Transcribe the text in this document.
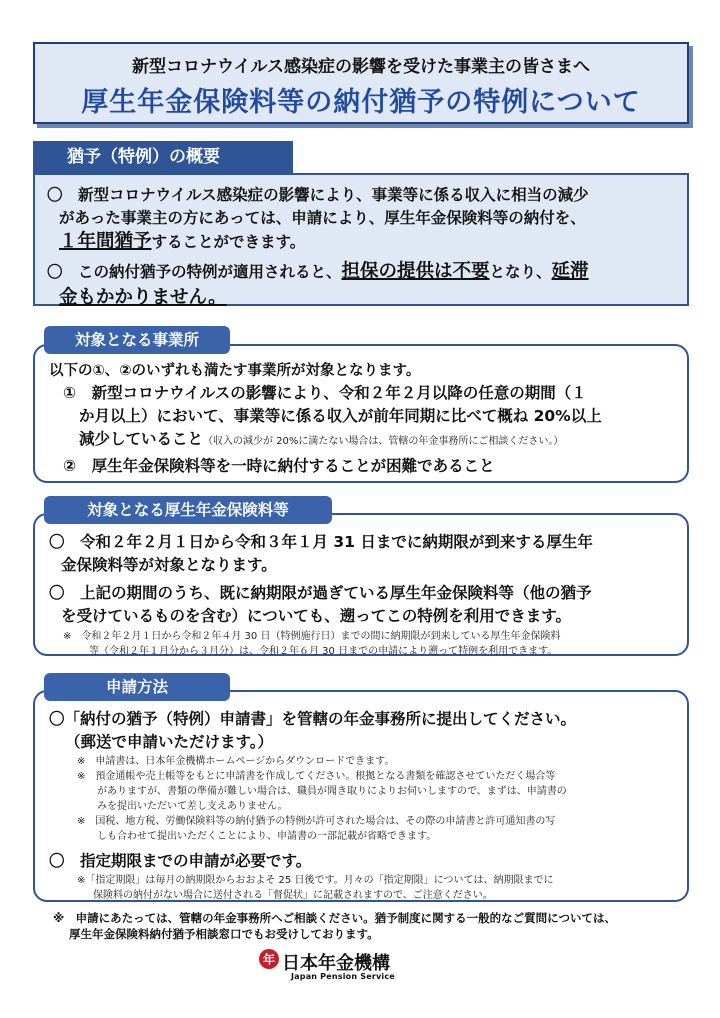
新型コロナウイルス感染症の影響を受けた事業主の皆さまへ
厚生年金保険料等の納付猶予の特例について
猶予（特例）の概要

〇　新型コロナウイルス感染症の影響により、事業等に係る収入に相当の減少

があった事業主の方にあっては、申請により、厚生年金保険料等の納付を、

１年間猶予することができます。

〇　この納付猶予の特例が適用されると、担保の提供は不要となり、延滞

金もかかりません。

以下の①、②のいずれも満たす事業所が対象となります。
①　新型コロナウイルスの影響により、令和２年２月以降の任意の期間（１
か月以上）において、事業等に係る収入が前年同期に比べて概ね 20%以上
減少していること（収入の減少が 20%に満たない場合は、管轄の年金事務所にご相談ください。）
②　厚生年金保険料等を一時に納付することが困難であること
対象となる事業所
〇　令和２年２月１日から令和３年１月 31 日までに納期限が到来する厚生年
金保険料等が対象となります。
〇　上記の期間のうち、既に納期限が過ぎている厚生年金保険料等（他の猶予
を受けているものを含む）についても、遡ってこの特例を利用できます。
※　令和２年２月１日から令和２年４月 30 日（特例施行日）までの間に納期限が到来している厚生年金保険料
等（令和２年１月分から３月分）は、令和２年６月 30 日までの申請により遡って特例を利用できます。
対象となる厚生年金保険料等
〇「納付の猶予（特例）申請書」を管轄の年金事務所に提出してください。
（郵送で申請いただけます。）
※　申請書は、日本年金機構ホームページからダウンロードできます。
※　預金通帳や売上帳等をもとに申請書を作成してください。根拠となる書類を確認させていただく場合等
がありますが、書類の準備が難しい場合は、職員が聞き取りによりお伺いしますので、まずは、申請書の
みを提出いただいて差し支えありません。
※　国税、地方税、労働保険料等の納付猶予の特例が許可された場合は、その際の申請書と許可通知書の写
しも合わせて提出いただくことにより、申請書の一部記載が省略できます。
〇　指定期限までの申請が必要です。
※「指定期限」は毎月の納期限からおおよそ 25 日後です。月々の「指定期限」については、納期限までに
保険料の納付がない場合に送付される「督促状」に記載されますので、ご注意ください。
申請方法
※　申請にあたっては、管轄の年金事務所へご相談ください。猶予制度に関する一般的なご質問については、
厚生年金保険料納付猶予相談窓口でもお受けしております。
年 日本年金機構
Japan Pension Service
